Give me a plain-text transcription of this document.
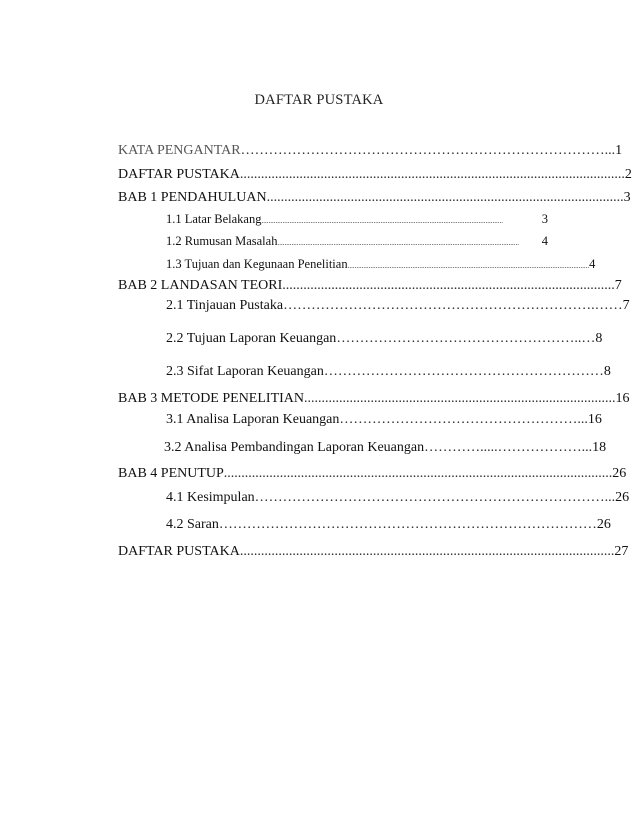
DAFTAR PUSTAKA
KATA PENGANTAR ……………………………………………………………………... 1
DAFTAR PUSTAKA .............................................................................................................. 2
BAB 1 PENDAHULUAN ...................................................................................................... 3
1.1 Latar Belakang ..........................................................................................................................................	3
1.2 Rumusan Masalah ..........................................................................................................................................	4
1.3 Tujuan dan Kegunaan Penelitian .......................................................................................................................................... 4
BAB 2 LANDASAN TEORI ............................................................................................... 7
2.1 Tinjauan Pustaka ………………………………………………………….…… 7
2.2 Tujuan Laporan Keuangan ……………………………………………..… 8
2.3 Sifat Laporan Keuangan …………………………………………………… 8
BAB 3 METODE PENELITIAN ......................................................................................... 16
3.1 Analisa Laporan Keuangan ……………………………………………... 16
3.2 Analisa Pembandingan Laporan Keuangan ………….....………………... 18
BAB 4 PENUTUP ............................................................................................................... 26
4.1 Kesimpulan …………………………………………………………………... 26
4.2 Saran ……………………………………………………………………… 26
DAFTAR PUSTAKA ........................................................................................................... 27
